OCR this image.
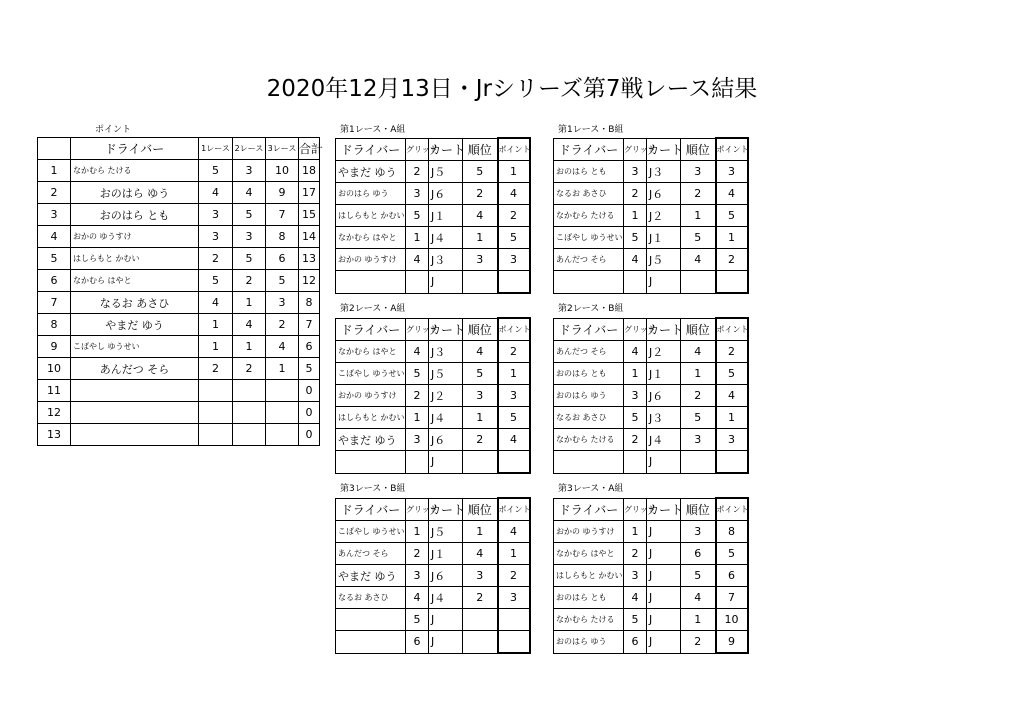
2020年12月13日・Jrシリーズ第7戦レース結果
ポイント
	ドライバー	1レース	2レース	3レース	合計
1	なかむら たける	5	3	10	18
2	おのはら ゆう	4	4	9	17
3	おのはら とも	3	5	7	15
4	おかの ゆうすけ	3	3	8	14
5	はしらもと かむい	2	5	6	13
6	なかむら はやと	5	2	5	12
7	なるお あさひ	4	1	3	8
8	やまだ ゆう	1	4	2	7
9	こばやし ゆうせい	1	1	4	6
10	あんだつ そら	2	2	1	5
11					0
12					0
13					0
第1レース・A組
ドライバー	グリッド	カート	順位	ポイント
やまだ ゆう	2	J５	5	1
おのはら ゆう	3	J６	2	4
はしらもと かむい	5	J１	4	2
なかむら はやと	1	J４	1	5
おかの ゆうすけ	4	J３	3	3
		J		
第1レース・B組
ドライバー	グリッド	カート	順位	ポイント
おのはら とも	3	J３	3	3
なるお あさひ	2	J６	2	4
なかむら たける	1	J２	1	5
こばやし ゆうせい	5	J１	5	1
あんだつ そら	4	J５	4	2
		J		
第2レース・A組
ドライバー	グリッド	カート	順位	ポイント
なかむら はやと	4	J３	4	2
こばやし ゆうせい	5	J５	5	1
おかの ゆうすけ	2	J２	3	3
はしらもと かむい	1	J４	1	5
やまだ ゆう	3	J６	2	4
		J		
第2レース・B組
ドライバー	グリッド	カート	順位	ポイント
あんだつ そら	4	J２	4	2
おのはら とも	1	J１	1	5
おのはら ゆう	3	J６	2	4
なるお あさひ	5	J３	5	1
なかむら たける	2	J４	3	3
		J		
第3レース・B組
ドライバー	グリッド	カート	順位	ポイント
こばやし ゆうせい	1	J５	1	4
あんだつ そら	2	J１	4	1
やまだ ゆう	3	J６	3	2
なるお あさひ	4	J４	2	3
	5	J		
	6	J		
第3レース・A組
ドライバー	グリッド	カート	順位	ポイント
おかの ゆうすけ	1	J	3	8
なかむら はやと	2	J	6	5
はしらもと かむい	3	J	5	6
おのはら とも	4	J	4	7
なかむら たける	5	J	1	10
おのはら ゆう	6	J	2	9
